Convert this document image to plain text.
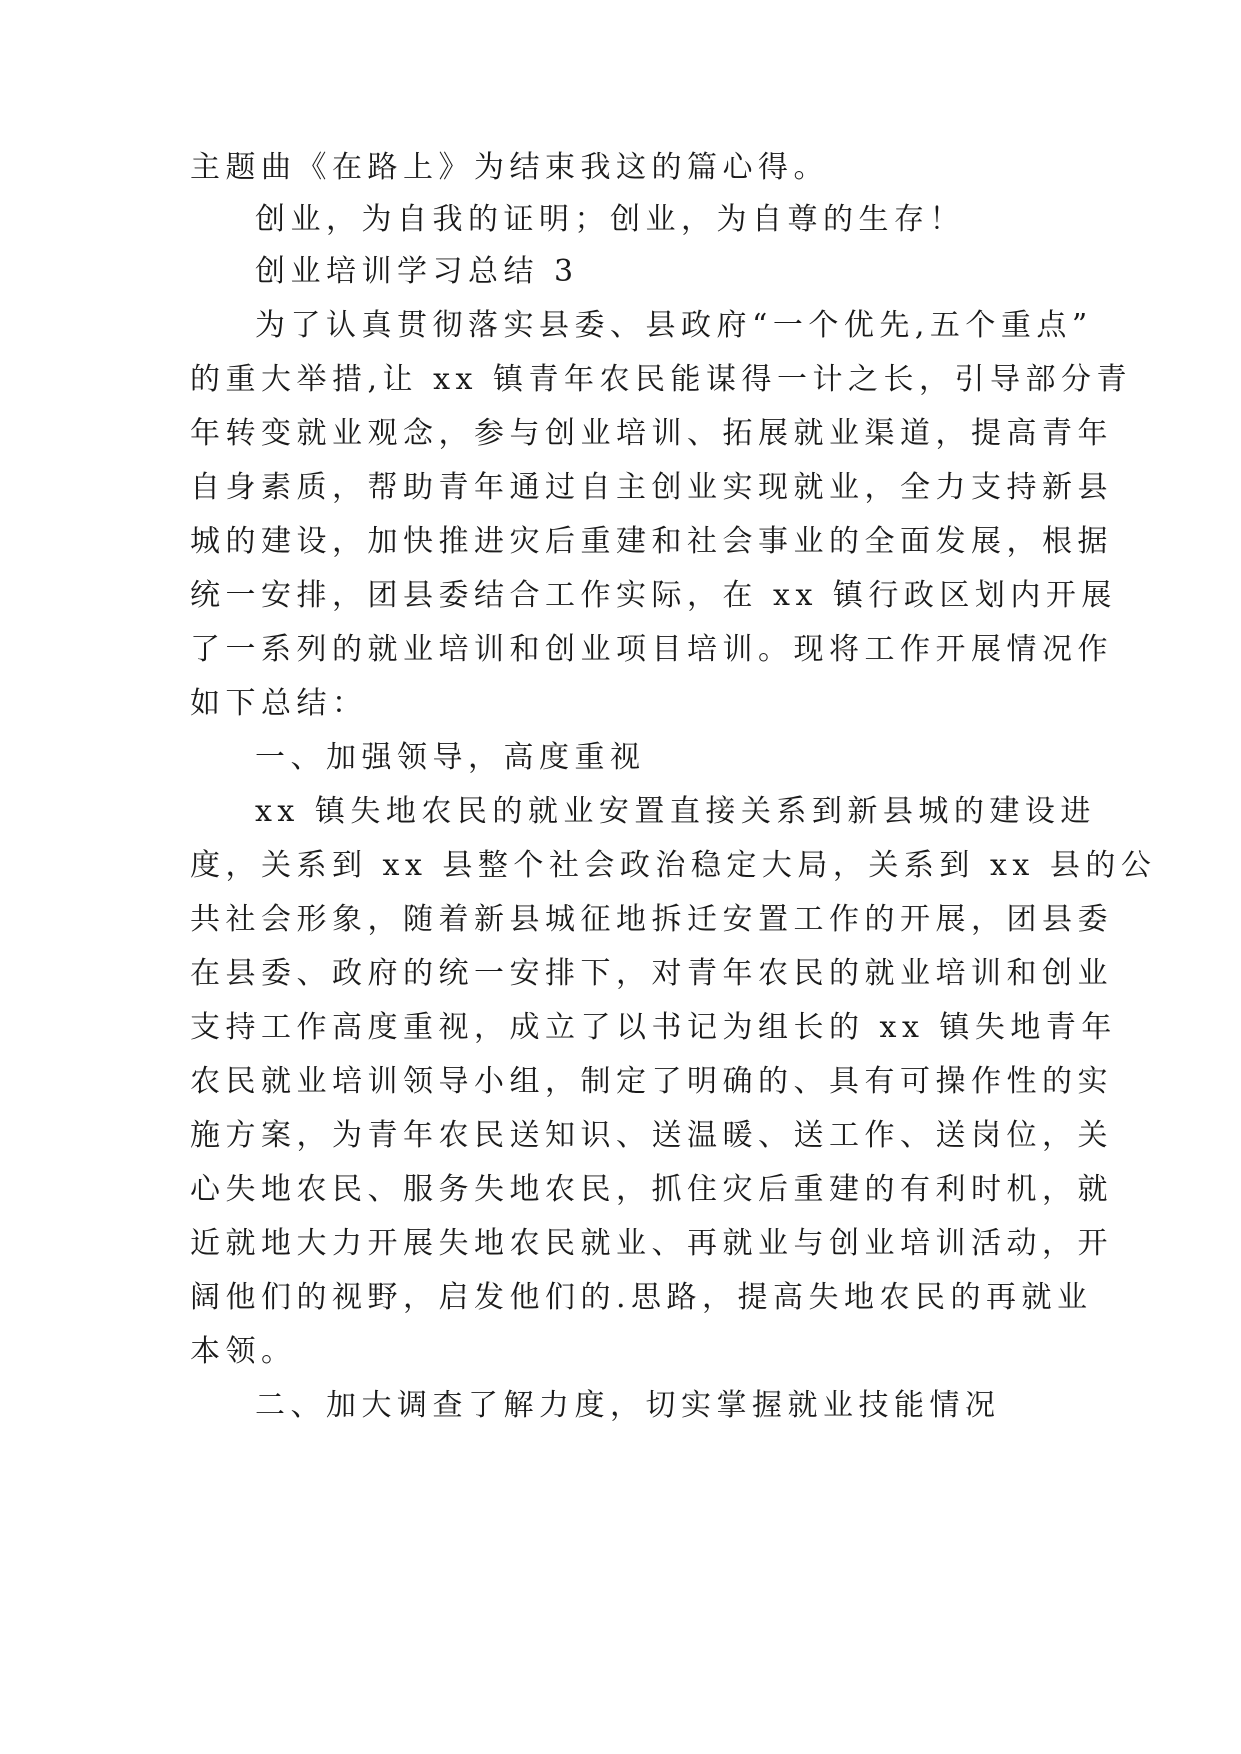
主题曲《在路上》为结束我这的篇心得。
创业，为自我的证明；创业，为自尊的生存！
创业培训学习总结 3
为了认真贯彻落实县委、县政府“一个优先,五个重点”
的重大举措,让 xx 镇青年农民能谋得一计之长，引导部分青
年转变就业观念，参与创业培训、拓展就业渠道，提高青年
自身素质，帮助青年通过自主创业实现就业，全力支持新县
城的建设，加快推进灾后重建和社会事业的全面发展，根据
统一安排，团县委结合工作实际，在 xx 镇行政区划内开展
了一系列的就业培训和创业项目培训。现将工作开展情况作
如下总结：
一、加强领导，高度重视
xx 镇失地农民的就业安置直接关系到新县城的建设进
度，关系到 xx 县整个社会政治稳定大局，关系到 xx 县的公
共社会形象，随着新县城征地拆迁安置工作的开展，团县委
在县委、政府的统一安排下，对青年农民的就业培训和创业
支持工作高度重视，成立了以书记为组长的 xx 镇失地青年
农民就业培训领导小组，制定了明确的、具有可操作性的实
施方案，为青年农民送知识、送温暖、送工作、送岗位，关
心失地农民、服务失地农民，抓住灾后重建的有利时机，就
近就地大力开展失地农民就业、再就业与创业培训活动，开
阔他们的视野，启发他们的.思路，提高失地农民的再就业
本领。
二、加大调查了解力度，切实掌握就业技能情况
